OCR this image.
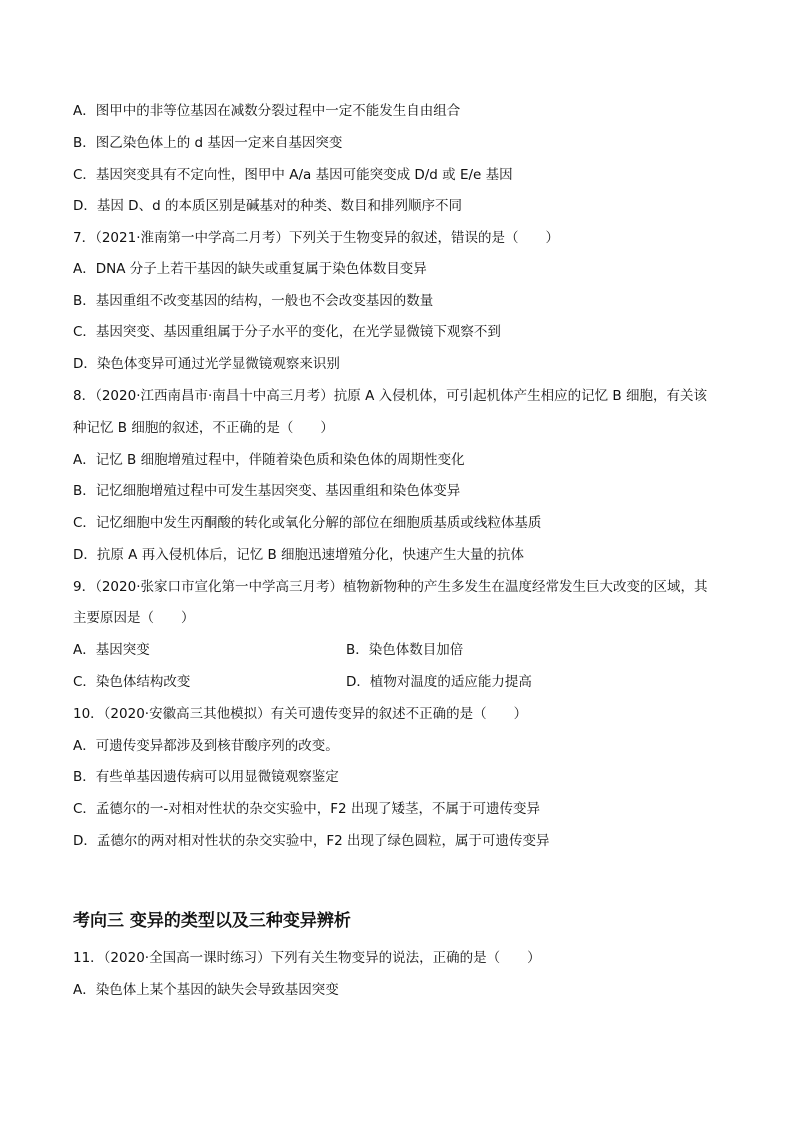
A．图甲中的非等位基因在减数分裂过程中一定不能发生自由组合
B．图乙染色体上的 d 基因一定来自基因突变
C．基因突变具有不定向性，图甲中 A/a 基因可能突变成 D/d 或 E/e 基因
D．基因 D、d 的本质区别是碱基对的种类、数目和排列顺序不同
7．（2021·淮南第一中学高二月考）下列关于生物变异的叙述，错误的是（　　）
A．DNA 分子上若干基因的缺失或重复属于染色体数目变异
B．基因重组不改变基因的结构，一般也不会改变基因的数量
C．基因突变、基因重组属于分子水平的变化，在光学显微镜下观察不到
D．染色体变异可通过光学显微镜观察来识别
8．（2020·江西南昌市·南昌十中高三月考）抗原 A 入侵机体，可引起机体产生相应的记忆 B 细胞，有关该
种记忆 B 细胞的叙述，不正确的是（　　）
A．记忆 B 细胞增殖过程中，伴随着染色质和染色体的周期性变化
B．记忆细胞增殖过程中可发生基因突变、基因重组和染色体变异
C．记忆细胞中发生丙酮酸的转化或氧化分解的部位在细胞质基质或线粒体基质
D．抗原 A 再入侵机体后，记忆 B 细胞迅速增殖分化，快速产生大量的抗体
9．（2020·张家口市宣化第一中学高三月考）植物新物种的产生多发生在温度经常发生巨大改变的区域，其
主要原因是（　　）
A．基因突变	B．染色体数目加倍
C．染色体结构改变	D．植物对温度的适应能力提高
10．（2020·安徽高三其他模拟）有关可遗传变异的叙述不正确的是（　　）
A．可遗传变异都涉及到核苷酸序列的改变。
B．有些单基因遗传病可以用显微镜观察鉴定
C．孟德尔的一-对相对性状的杂交实验中，F2 出现了矮茎，不属于可遗传变异
D．孟德尔的两对相对性状的杂交实验中，F2 出现了绿色圆粒，属于可遗传变异
考向三 变异的类型以及三种变异辨析
11．（2020·全国高一课时练习）下列有关生物变异的说法，正确的是（　　）
A．染色体上某个基因的缺失会导致基因突变
